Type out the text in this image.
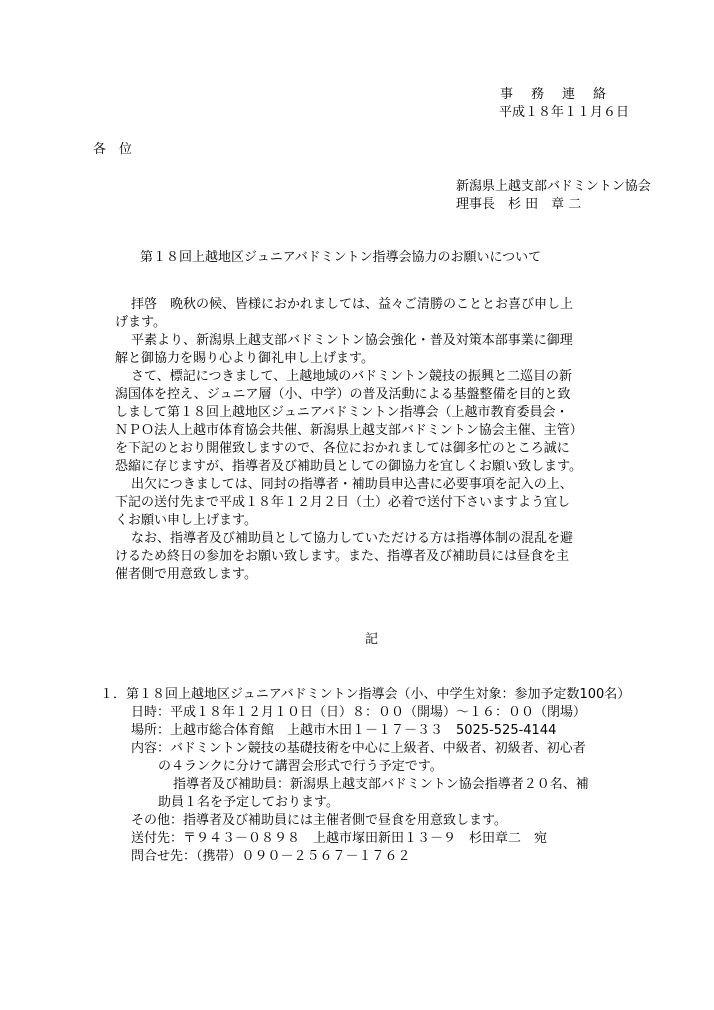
事務連絡
平成１８年１１月６日
各　位
新潟県上越支部バドミントン協会
理事長　杉 田　章 二
第１８回上越地区ジュニアバドミントン指導会協力のお願いについて
拝啓　晩秋の候、皆様におかれましては、益々ご清勝のこととお喜び申し上
げます。
平素より、新潟県上越支部バドミントン協会強化・普及対策本部事業に御理
解と御協力を賜り心より御礼申し上げます。
さて、標記につきまして、上越地域のバドミントン競技の振興と二巡目の新
潟国体を控え、ジュニア層（小、中学）の普及活動による基盤整備を目的と致
しまして第１８回上越地区ジュニアバドミントン指導会（上越市教育委員会・
ＮＰＯ法人上越市体育協会共催、新潟県上越支部バドミントン協会主催、主管）
を下記のとおり開催致しますので、各位におかれましては御多忙のところ誠に
恐縮に存じますが、指導者及び補助員としての御協力を宜しくお願い致します。
出欠につきましては、同封の指導者・補助員申込書に必要事項を記入の上、
下記の送付先まで平成１８年１２月２日（土）必着で送付下さいますよう宜し
くお願い申し上げます。
なお、指導者及び補助員として協力していただける方は指導体制の混乱を避
けるため終日の参加をお願い致します。また、指導者及び補助員には昼食を主
催者側で用意致します。
記
１．第１８回上越地区ジュニアバドミントン指導会（小、中学生対象：参加予定数100名）
日時：平成１８年１２月１０日（日）８：００（開場）～１６：００（閉場）
場所：上越市総合体育館　上越市木田１－１７－３３　5025-525-4144
内容：バドミントン競技の基礎技術を中心に上級者、中級者、初級者、初心者
の４ランクに分けて講習会形式で行う予定です。
指導者及び補助員：新潟県上越支部バドミントン協会指導者２０名、補
助員１名を予定しております。
その他：指導者及び補助員には主催者側で昼食を用意致します。
送付先：〒９４３－０８９８　上越市塚田新田１３－９　杉田章二　宛
問合せ先：（携帯）０９０－２５６７－１７６２
